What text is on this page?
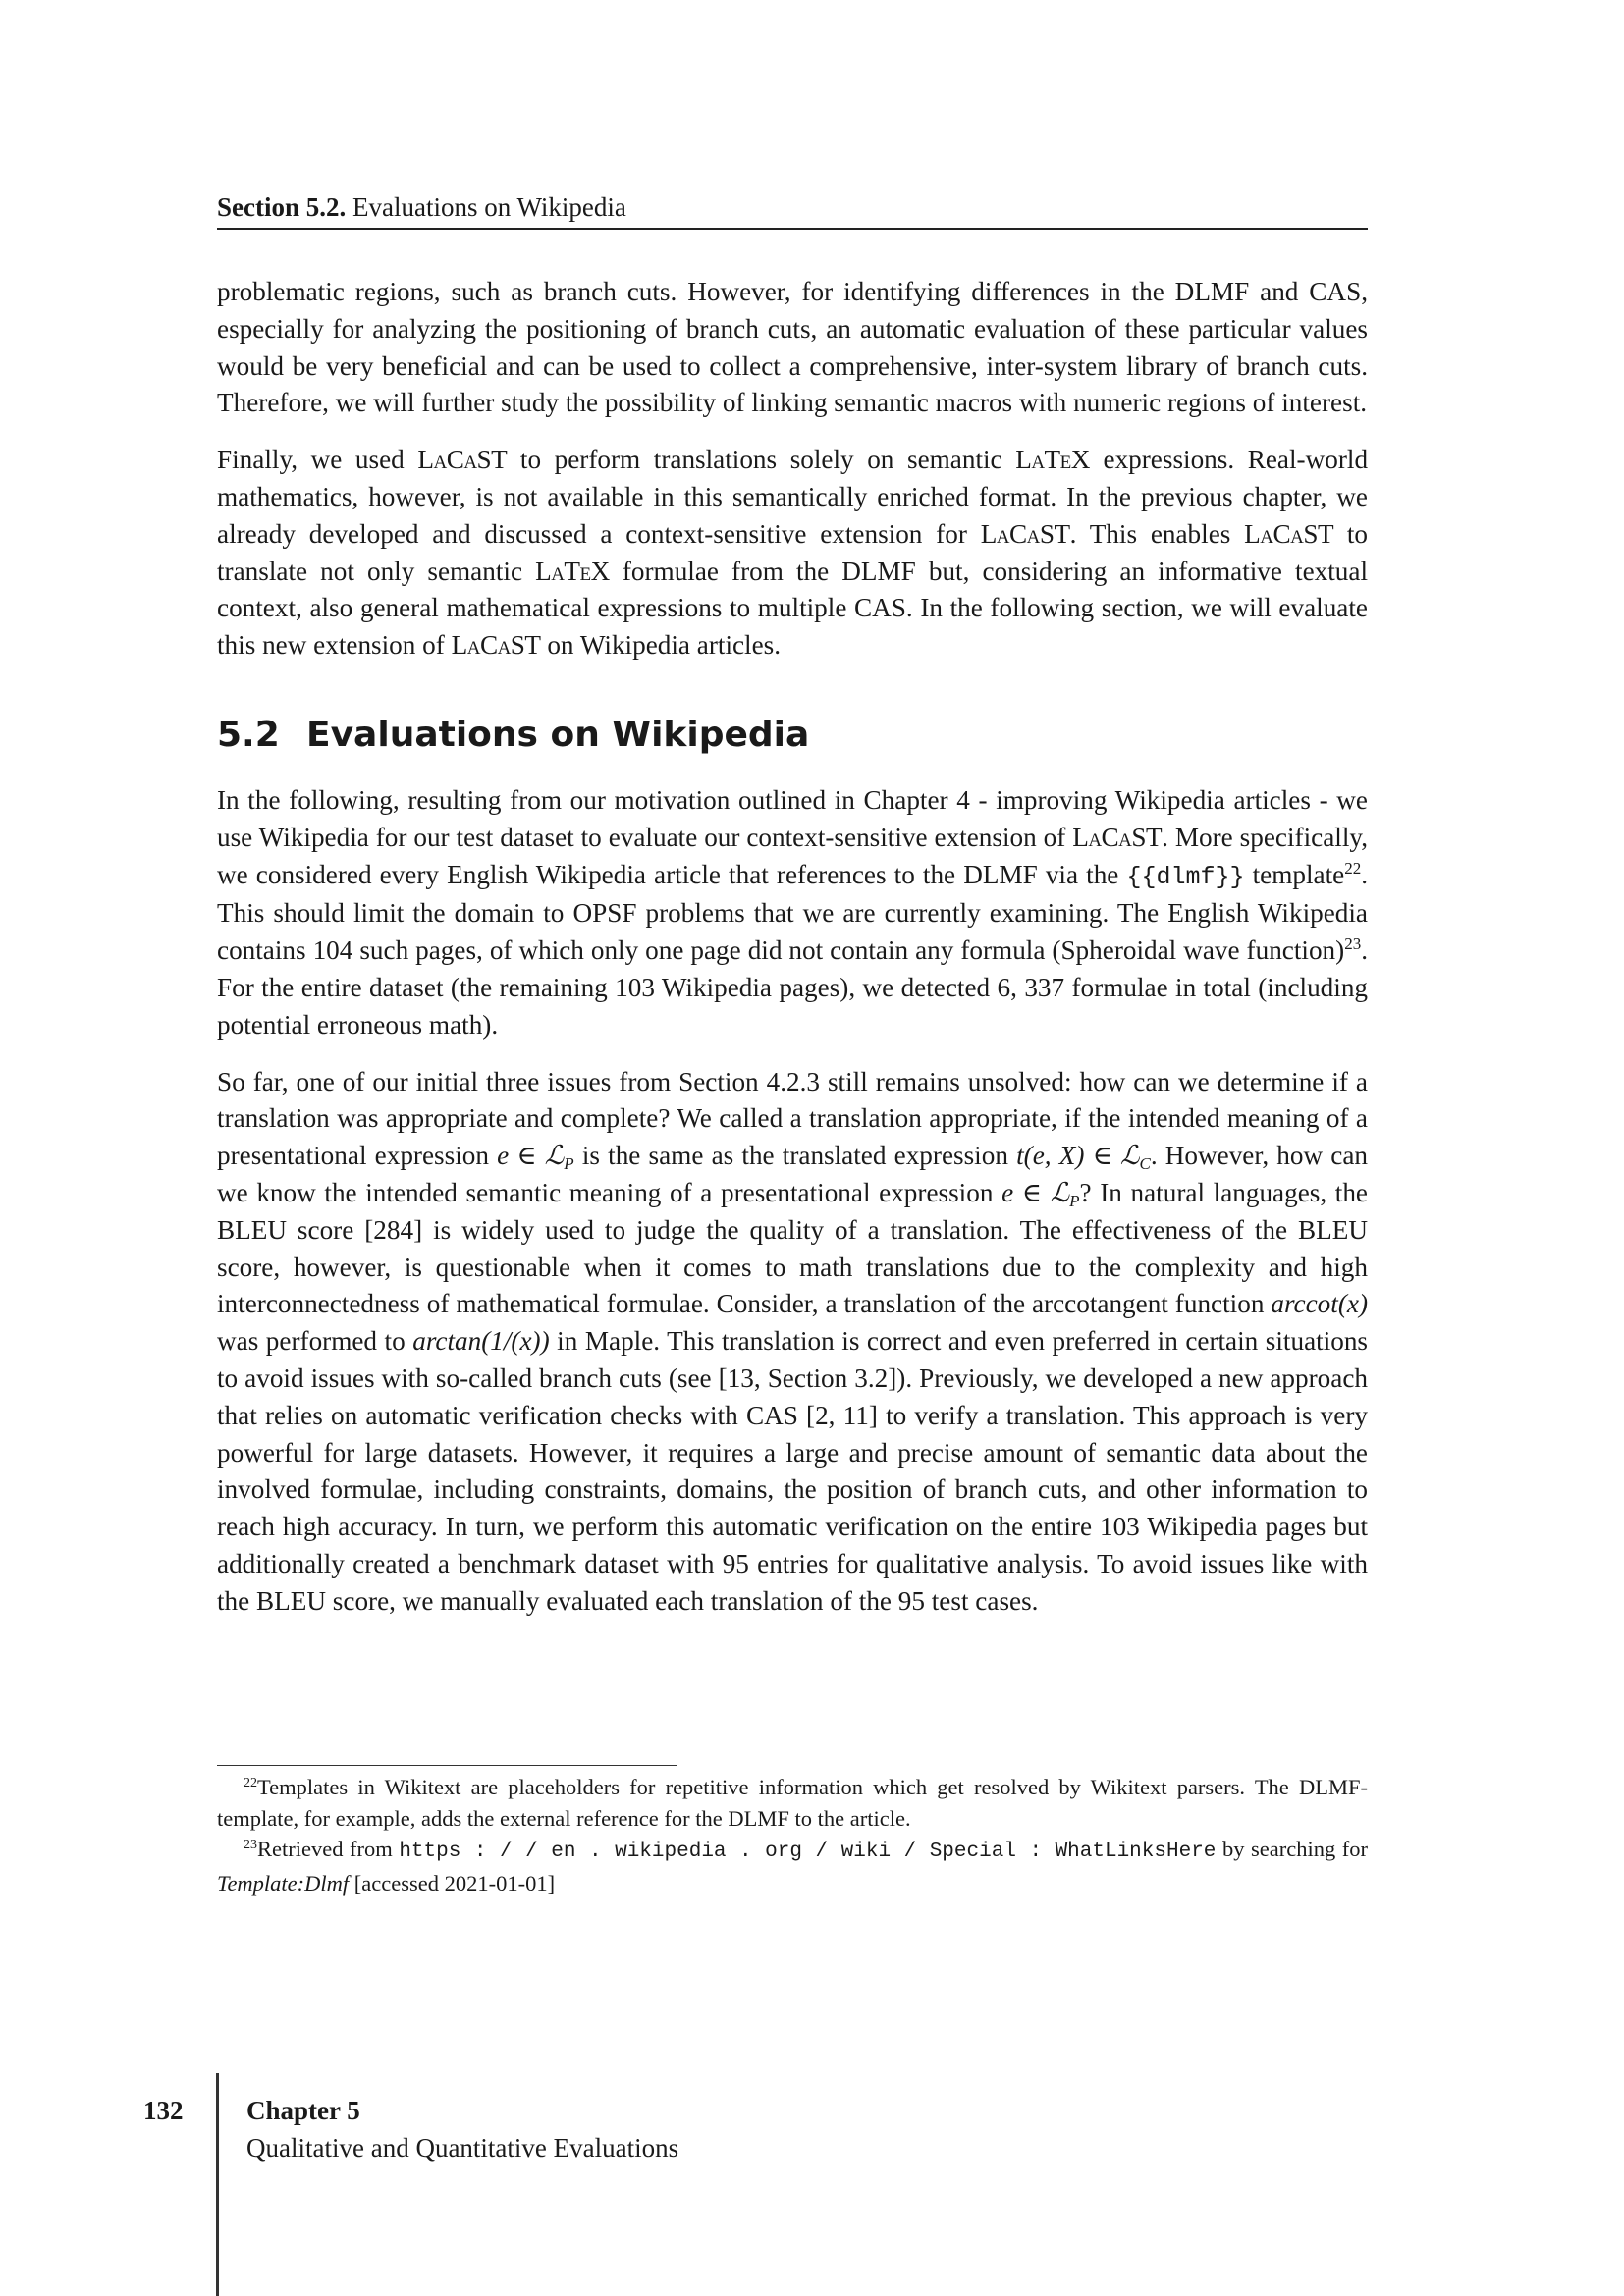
Section 5.2. Evaluations on Wikipedia

problematic regions, such as branch cuts. However, for identifying differences in the DLMF and CAS, especially for analyzing the positioning of branch cuts, an automatic evaluation of these particular values would be very beneficial and can be used to collect a comprehensive, inter-system library of branch cuts. Therefore, we will further study the possibility of linking semantic macros with numeric regions of interest.

Finally, we used LaCaST to perform translations solely on semantic LaTeX expressions. Real-world mathematics, however, is not available in this semantically enriched format. In the previous chapter, we already developed and discussed a context-sensitive extension for LaCaST. This enables LaCaST to translate not only semantic LaTeX formulae from the DLMF but, considering an informative textual context, also general mathematical expressions to multiple CAS. In the following section, we will evaluate this new extension of LaCaST on Wikipedia articles.

5.2 Evaluations on Wikipedia

In the following, resulting from our motivation outlined in Chapter 4 - improving Wikipedia articles - we use Wikipedia for our test dataset to evaluate our context-sensitive extension of LaCaST. More specifically, we considered every English Wikipedia article that references to the DLMF via the {{dlmf}} template$^{22}$. This should limit the domain to OPSF problems that we are currently examining. The English Wikipedia contains 104 such pages, of which only one page did not contain any formula (Spheroidal wave function)$^{23}$. For the entire dataset (the remaining 103 Wikipedia pages), we detected 6, 337 formulae in total (including potential erroneous math).

So far, one of our initial three issues from Section 4.2.3 still remains unsolved: how can we determine if a translation was appropriate and complete? We called a translation appropriate, if the intended meaning of a presentational expression e ∈ ℒ$_P$ is the same as the translated expression t(e, X) ∈ ℒ$_C$. However, how can we know the intended semantic meaning of a presentational expression e ∈ ℒ$_P$? In natural languages, the BLEU score [284] is widely used to judge the quality of a translation. The effectiveness of the BLEU score, however, is questionable when it comes to math translations due to the complexity and high interconnectedness of mathematical formulae. Consider, a translation of the arccotangent function arccot(x) was performed to arctan(1/(x)) in Maple. This translation is correct and even preferred in certain situations to avoid issues with so-called branch cuts (see [13, Section 3.2]). Previously, we developed a new approach that relies on automatic verification checks with CAS [2, 11] to verify a translation. This approach is very powerful for large datasets. However, it requires a large and precise amount of semantic data about the involved formulae, including constraints, domains, the position of branch cuts, and other information to reach high accuracy. In turn, we perform this automatic verification on the entire 103 Wikipedia pages but additionally created a benchmark dataset with 95 entries for qualitative analysis. To avoid issues like with the BLEU score, we manually evaluated each translation of the 95 test cases.

$^{22}$Templates in Wikitext are placeholders for repetitive information which get resolved by Wikitext parsers. The DLMF-template, for example, adds the external reference for the DLMF to the article.

$^{23}$Retrieved from https : / / en . wikipedia . org / wiki / Special : WhatLinksHere by searching for Template:Dlmf [accessed 2021-01-01]

132 Chapter 5
Qualitative and Quantitative Evaluations
